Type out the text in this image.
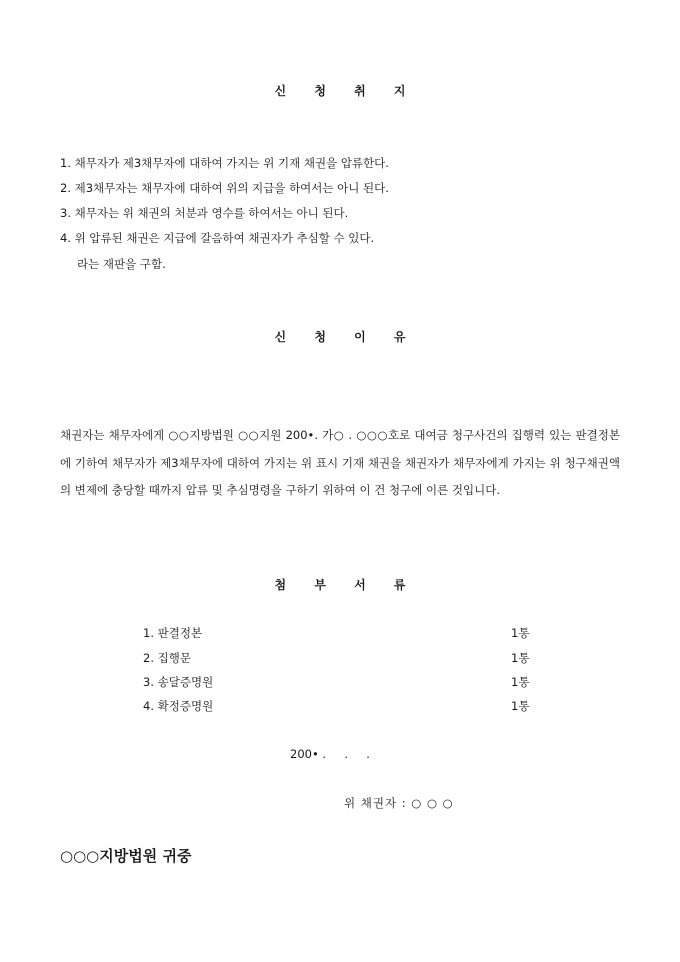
신 청 취 지
1. 채무자가 제3채무자에 대하여 가지는 위 기재 채권을 압류한다.
2. 제3채무자는 채무자에 대하여 위의 지급을 하여서는 아니 된다.
3. 채무자는 위 채권의 처분과 영수를 하여서는 아니 된다.
4. 위 압류된 채권은 지급에 갈음하여 채권자가 추심할 수 있다.
라는 재판을 구함.
신 청 이 유
채권자는 채무자에게 ○○지방법원 ○○지원 200•. 가○ . ○○○호로 대여금 청구사건의 집행력 있는 판결정본에 기하여 채무자가 제3채무자에 대하여 가지는 위 표시 기재 채권을 채권자가 채무자에게 가지는 위 청구채권액의 변제에 충당할 때까지 압류 및 추심명령을 구하기 위하여 이 건 청구에 이른 것입니다.
첨 부 서 류
1. 판결정본	1통
2. 집행문	1통
3. 송달증명원	1통
4. 확정증명원	1통
200• .     .     .
위 채권자 : ○ ○ ○
○○○지방법원 귀중
